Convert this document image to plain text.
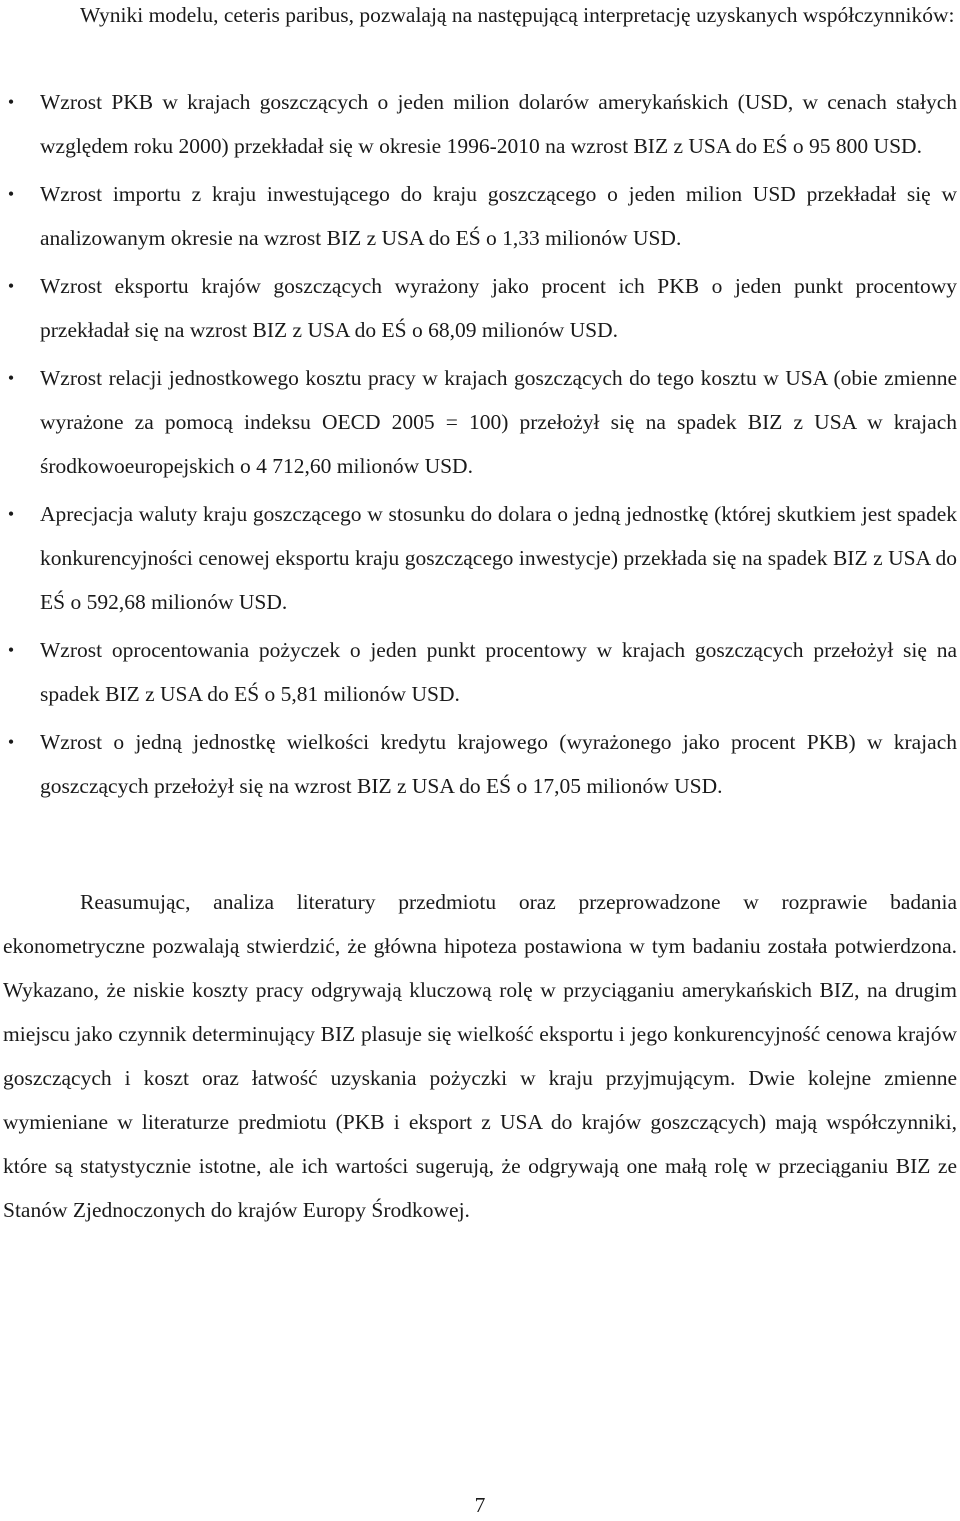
Wyniki modelu, ceteris paribus, pozwalają na następującą interpretację uzyskanych współczynników:

• Wzrost PKB w krajach goszczących o jeden milion dolarów amerykańskich (USD, w cenach stałych względem roku 2000) przekładał się w okresie 1996-2010 na wzrost BIZ z USA do EŚ o 95 800 USD.
• Wzrost importu z kraju inwestującego do kraju goszczącego o jeden milion USD przekładał się w analizowanym okresie na wzrost BIZ z USA do EŚ o 1,33 milionów USD.
• Wzrost eksportu krajów goszczących wyrażony jako procent ich PKB o jeden punkt procentowy przekładał się na wzrost BIZ z USA do EŚ o 68,09 milionów USD.
• Wzrost relacji jednostkowego kosztu pracy w krajach goszczących do tego kosztu w USA (obie zmienne wyrażone za pomocą indeksu OECD 2005 = 100) przełożył się na spadek BIZ z USA w krajach środkowoeuropejskich o 4 712,60 milionów USD.
• Aprecjacja waluty kraju goszczącego w stosunku do dolara o jedną jednostkę (której skutkiem jest spadek konkurencyjności cenowej eksportu kraju goszczącego inwestycje) przekłada się na spadek BIZ z USA do EŚ o 592,68 milionów USD.
• Wzrost oprocentowania pożyczek o jeden punkt procentowy w krajach goszczących przełożył się na spadek BIZ z USA do EŚ o 5,81 milionów USD.
• Wzrost o jedną jednostkę wielkości kredytu krajowego (wyrażonego jako procent PKB) w krajach goszczących przełożył się na wzrost BIZ z USA do EŚ o 17,05 milionów USD.

Reasumując, analiza literatury przedmiotu oraz przeprowadzone w rozprawie badania ekonometryczne pozwalają stwierdzić, że główna hipoteza postawiona w tym badaniu została potwierdzona. Wykazano, że niskie koszty pracy odgrywają kluczową rolę w przyciąganiu amerykańskich BIZ, na drugim miejscu jako czynnik determinujący BIZ plasuje się wielkość eksportu i jego konkurencyjność cenowa krajów goszczących i koszt oraz łatwość uzyskania pożyczki w kraju przyjmującym. Dwie kolejne zmienne wymieniane w literaturze predmiotu (PKB i eksport z USA do krajów goszczących) mają współczynniki, które są statystycznie istotne, ale ich wartości sugerują, że odgrywają one małą rolę w przeciąganiu BIZ ze Stanów Zjednoczonych do krajów Europy Środkowej.

7
